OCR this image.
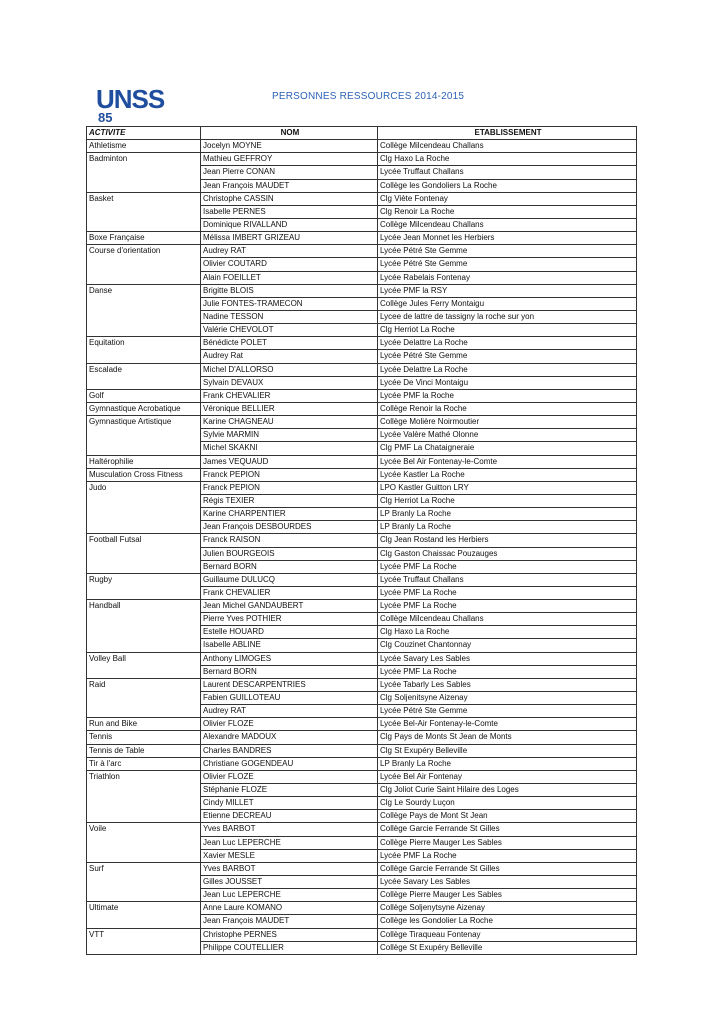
UNSS
85
PERSONNES RESSOURCES 2014-2015
ACTIVITE	NOM	ETABLISSEMENT
Athletisme	Jocelyn MOYNE	Collège Milcendeau Challans
Badminton	Mathieu GEFFROY	Clg Haxo La Roche
	Jean Pierre CONAN	Lycée Truffaut Challans
	Jean François MAUDET	Collège les Gondoliers La Roche
Basket	Christophe CASSIN	Clg Viète Fontenay
	Isabelle PERNES	Clg Renoir La Roche
	Dominique RIVALLAND	Collège Milcendeau Challans
Boxe Française	Mélissa IMBERT GRIZEAU	Lycée Jean Monnet les Herbiers
Course d'orientation	Audrey RAT	Lycée Pétré Ste Gemme
	Olivier COUTARD	Lycée Pétré Ste Gemme
	Alain FOEILLET	Lycée Rabelais Fontenay
Danse	Brigitte BLOIS	Lycée PMF la RSY
	Julie FONTES-TRAMECON	Collège Jules Ferry Montaigu
	Nadine TESSON	Lycee de lattre de tassigny la roche sur yon
	Valérie CHEVOLOT	Clg Herriot La Roche
Equitation	Bénédicte POLET	Lycée Delattre La Roche
	Audrey Rat	Lycée Pétré Ste Gemme
Escalade	Michel D'ALLORSO	Lycée Delattre La Roche
	Sylvain DEVAUX	Lycée De Vinci Montaigu
Golf	Frank CHEVALIER	Lycée PMF la Roche
Gymnastique Acrobatique	Véronique BELLIER	Collège Renoir la Roche
Gymnastique Artistique	Karine CHAGNEAU	Collège Molière Noirmoutier
	Sylvie MARMIN	Lycée Valère Mathé Olonne
	Michel SKAKNI	Clg PMF La Chataigneraie
Haltérophilie	James VEQUAUD	Lycée Bel Air Fontenay-le-Comte
Musculation Cross Fitness	Franck PEPION	Lycée Kastler La Roche
Judo	Franck PEPION	LPO Kastler Guitton LRY
	Régis TEXIER	Clg Herriot La Roche
	Karine CHARPENTIER	LP Branly La Roche
	Jean François DESBOURDES	LP Branly La Roche
Football Futsal	Franck RAISON	Clg Jean Rostand les Herbiers
	Julien BOURGEOIS	Clg Gaston Chaissac Pouzauges
	Bernard BORN	Lycée PMF La Roche
Rugby	Guillaume DULUCQ	Lycée Truffaut Challans
	Frank CHEVALIER	Lycée PMF La Roche
Handball	Jean Michel GANDAUBERT	Lycée PMF La Roche
	Pierre Yves POTHIER	Collège Milcendeau Challans
	Estelle HOUARD	Clg Haxo La Roche
	Isabelle ABLINE	Clg Couzinet Chantonnay
Volley Ball	Anthony LIMOGES	Lycée Savary Les Sables
	Bernard BORN	Lycée PMF La Roche
Raid	Laurent DESCARPENTRIES	Lycée Tabarly Les Sables
	Fabien GUILLOTEAU	Clg Soljenitsyne Aizenay
	Audrey RAT	Lycée Pétré Ste Gemme
Run and Bike	Olivier FLOZE	Lycée Bel-Air Fontenay-le-Comte
Tennis	Alexandre MADOUX	Clg Pays de Monts St Jean de Monts
Tennis de Table	Charles BANDRES	Clg St Exupéry Belleville
Tir à l'arc	Christiane GOGENDEAU	LP Branly La Roche
Triathlon	Olivier FLOZE	Lycée Bel Air Fontenay
	Stéphanie FLOZE	Clg Joliot Curie Saint Hilaire des Loges
	Cindy MILLET	Clg Le Sourdy Luçon
	Etienne DECREAU	Collège Pays de Mont St Jean
Voile	Yves BARBOT	Collège Garcie Ferrande St Gilles
	Jean Luc LEPERCHE	Collège Pierre Mauger Les Sables
	Xavier MESLE	Lycée PMF La Roche
Surf	Yves BARBOT	Collège Garcie Ferrande St Gilles
	Gilles JOUSSET	Lycée Savary Les Sables
	Jean Luc LEPERCHE	Collège Pierre Mauger Les Sables
Ultimate	Anne Laure KOMANO	Collège Soljenytsyne Aizenay
	Jean François MAUDET	Collège les Gondolier La Roche
VTT	Christophe PERNES	Collège Tiraqueau Fontenay
	Philippe COUTELLIER	Collège St Exupéry Belleville
